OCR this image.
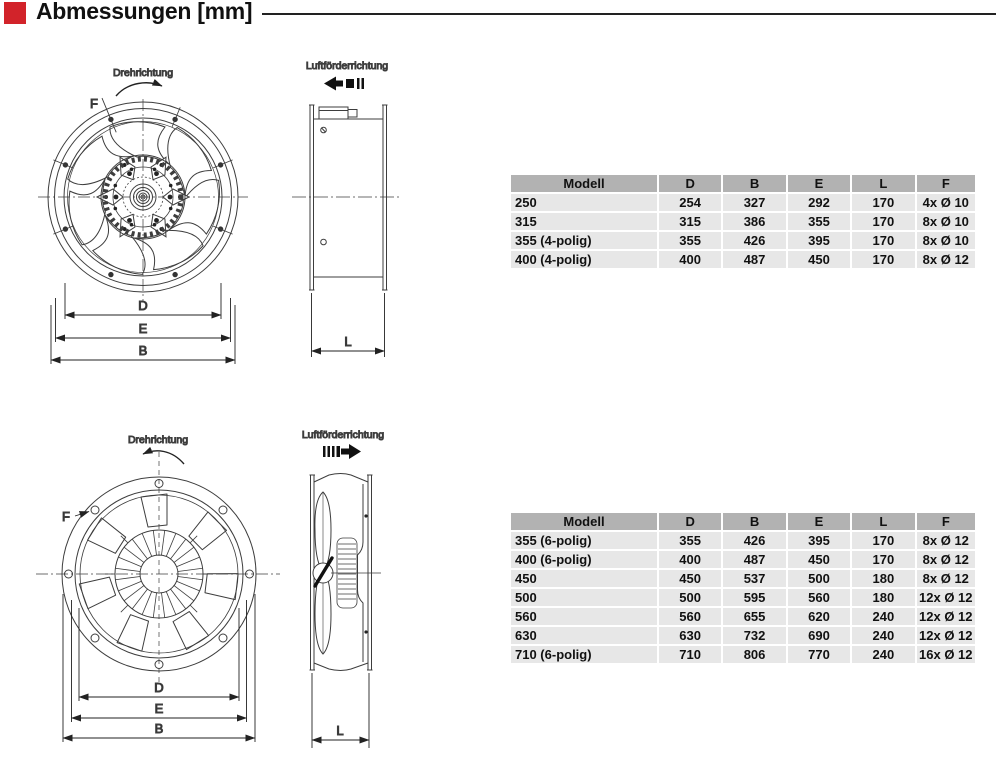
Abmessungen [mm]
Drehrichtung
F
D
E
B
Luftförderrichtung
L
Drehrichtung
F
D
E
B
Luftförderrichtung
L
Modell	D	B	E	L	F
250	254	327	292	170	4x Ø 10
315	315	386	355	170	8x Ø 10
355 (4-polig)	355	426	395	170	8x Ø 10
400 (4-polig)	400	487	450	170	8x Ø 12
Modell	D	B	E	L	F
355 (6-polig)	355	426	395	170	8x Ø 12
400 (6-polig)	400	487	450	170	8x Ø 12
450	450	537	500	180	8x Ø 12
500	500	595	560	180	12x Ø 12
560	560	655	620	240	12x Ø 12
630	630	732	690	240	12x Ø 12
710 (6-polig)	710	806	770	240	16x Ø 12
